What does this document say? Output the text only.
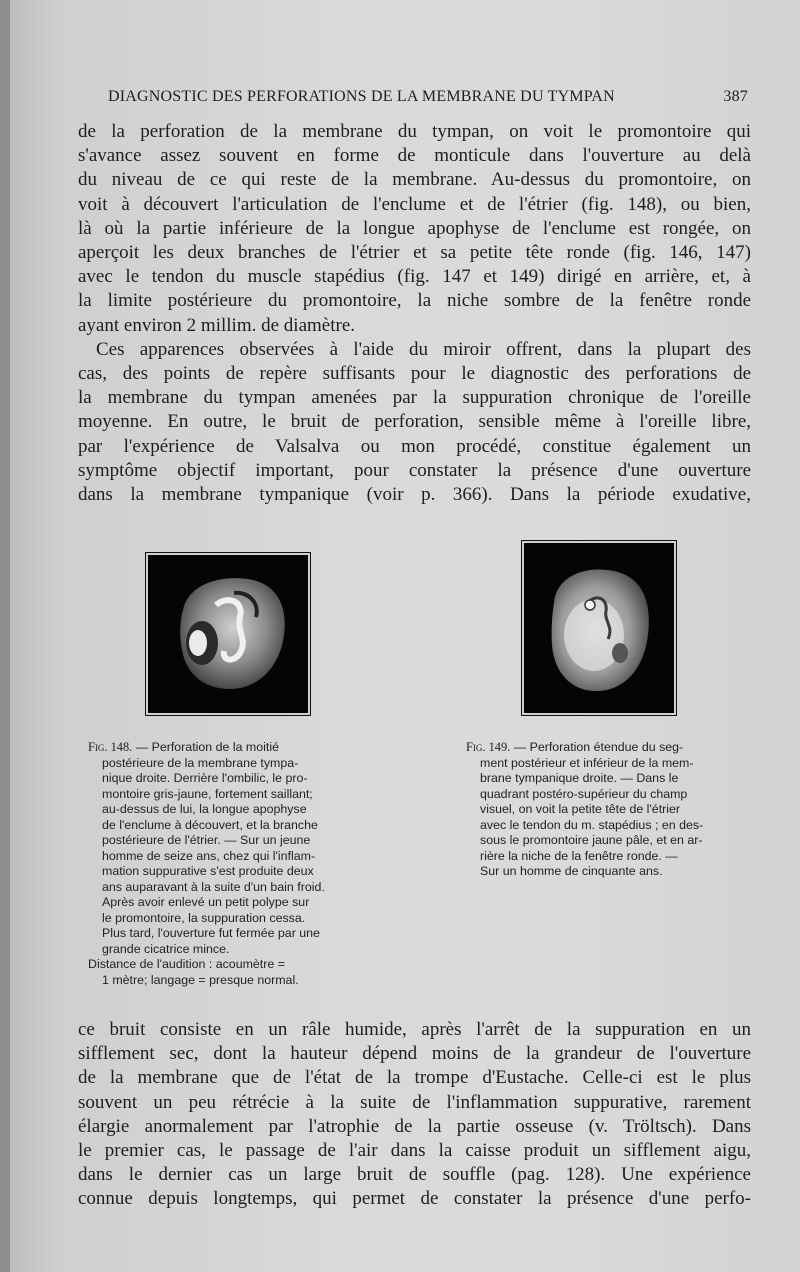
DIAGNOSTIC DES PERFORATIONS DE LA MEMBRANE DU TYMPAN	387
de la perforation de la membrane du tympan, on voit le promontoire qui
s'avance assez souvent en forme de monticule dans l'ouverture au delà
du niveau de ce qui reste de la membrane. Au-dessus du promontoire, on
voit à découvert l'articulation de l'enclume et de l'étrier (fig. 148), ou bien,
là où la partie inférieure de la longue apophyse de l'enclume est rongée, on
aperçoit les deux branches de l'étrier et sa petite tête ronde (fig. 146, 147)
avec le tendon du muscle stapédius (fig. 147 et 149) dirigé en arrière, et, à
la limite postérieure du promontoire, la niche sombre de la fenêtre ronde
ayant environ 2 millim. de diamètre.
Ces apparences observées à l'aide du miroir offrent, dans la plupart des
cas, des points de repère suffisants pour le diagnostic des perforations de
la membrane du tympan amenées par la suppuration chronique de l'oreille
moyenne. En outre, le bruit de perforation, sensible même à l'oreille libre,
par l'expérience de Valsalva ou mon procédé, constitue également un
symptôme objectif important, pour constater la présence d'une ouverture
dans la membrane tympanique (voir p. 366). Dans la période exudative,
Fig. 148. — Perforation de la moitié
postérieure de la membrane tympa-
nique droite. Derrière l'ombilic, le pro-
montoire gris-jaune, fortement saillant;
au-dessus de lui, la longue apophyse
de l'enclume à découvert, et la branche
postérieure de l'étrier. — Sur un jeune
homme de seize ans, chez qui l'inflam-
mation suppurative s'est produite deux
ans auparavant à la suite d'un bain froid.
Après avoir enlevé un petit polype sur
le promontoire, la suppuration cessa.
Plus tard, l'ouverture fut fermée par une
grande cicatrice mince.
Distance de l'audition : acoumètre =
1 mètre; langage = presque normal.
Fig. 149. — Perforation étendue du seg-
ment postérieur et inférieur de la mem-
brane tympanique droite. — Dans le
quadrant postéro-supérieur du champ
visuel, on voit la petite tête de l'étrier
avec le tendon du m. stapédius ; en des-
sous le promontoire jaune pâle, et en ar-
rière la niche de la fenêtre ronde. —
Sur un homme de cinquante ans.
ce bruit consiste en un râle humide, après l'arrêt de la suppuration en un
sifflement sec, dont la hauteur dépend moins de la grandeur de l'ouverture
de la membrane que de l'état de la trompe d'Eustache. Celle-ci est le plus
souvent un peu rétrécie à la suite de l'inflammation suppurative, rarement
élargie anormalement par l'atrophie de la partie osseuse (v. Tröltsch). Dans
le premier cas, le passage de l'air dans la caisse produit un sifflement aigu,
dans le dernier cas un large bruit de souffle (pag. 128). Une expérience
connue depuis longtemps, qui permet de constater la présence d'une perfo-
